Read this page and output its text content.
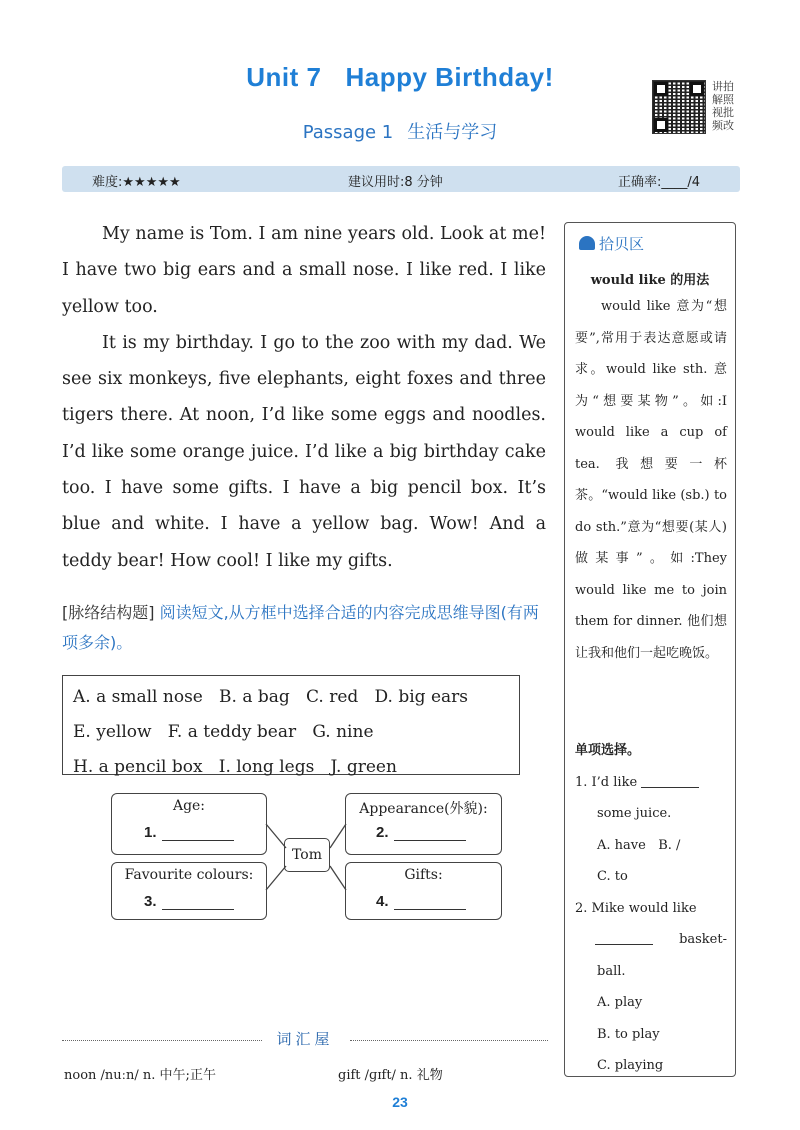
Unit 7 Happy Birthday!
Passage 1 生活与学习
讲拍
解照
视批
频改
难度:★★★★★	建议用时:8 分钟	正确率:____/4

My name is Tom. I am nine years old. Look at me! I have two big ears and a small nose. I like red. I like yellow too.

It is my birthday. I go to the zoo with my dad. We see six monkeys, five elephants, eight foxes and three tigers there. At noon, I’d like some eggs and noodles. I’d like some orange juice. I’d like a big birthday cake too. I have some gifts. I have a big pencil box. It’s blue and white. I have a yellow bag. Wow! And a teddy bear! How cool! I like my gifts.

[脉络结构题] 阅读短文,从方框中选择合适的内容完成思维导图(有两项多余)。
A. a small nose   B. a bag   C. red   D. big ears
E. yellow   F. a teddy bear   G. nine
H. a pencil box   I. long legs   J. green
Age:
1.
Appearance(外貌):
2.
Favourite colours:
3.
Gifts:
4.
Tom
拾贝区
would like 的用法
would like 意为“想要”,常用于表达意愿或请求。would like sth. 意为“想要某物”。如:I would like a cup of tea. 我想要一杯茶。“would like (sb.) to do sth.”意为“想要(某人)做某事”。如:They would like me to join them for dinner. 他们想让我和他们一起吃晚饭。
单项选择。
1. I’d like
some juice.
A. have   B. /
C. to
2. Mike would like
basket-
ball.
A. play
B. to play
C. playing
词汇屋
noon /nuːn/ n. 中午;正午	gift /ɡɪft/ n. 礼物
23
